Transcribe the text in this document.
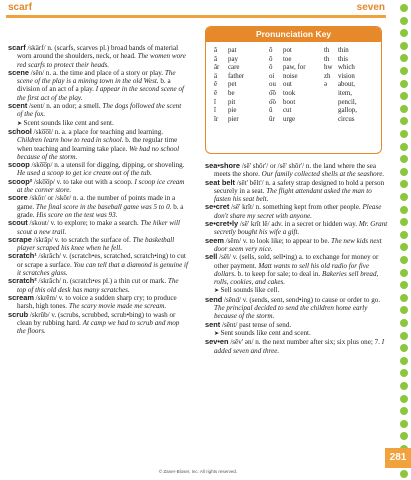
scarf	seven
scarf /skärf/ n. (scarfs, scarves pl.) broad bands of material worn around the shoulders, neck, or head. The women wore red scarfs to protect their heads.
scene /sēn/ n. a. the time and place of a story or play. The scene of the play is a mining town in the old West. b. a division of an act of a play. I appear in the second scene of the first act of the play.
scent /sent/ n. an odor; a smell. The dogs followed the scent of the fox.
➤ Scent sounds like cent and sent.
school /sko̅o̅l/ n. a. a place for teaching and learning. Children learn how to read in school. b. the regular time when teaching and learning take place. We had no school because of the storm.
scoop /sko̅o̅p/ n. a utensil for digging, dipping, or shoveling. He used a scoop to get ice cream out of the tub.
scoop² /sko̅o̅p/ v. to take out with a scoop. I scoop ice cream at the corner store.
score /skôr/ or /skōr/ n. a. the number of points made in a game. The final score in the baseball game was 5 to 0. b. a grade. His score on the test was 93.
scout /skout/ v. to explore; to make a search. The hiker will scout a new trail.
scrape /skrāp/ v. to scratch the surface of. The basketball player scraped his knee when he fell.
scratch¹ /skrăch/ v. (scratch•es, scratched, scratch•ing) to cut or scrape a surface. You can tell that a diamond is genuine if it scratches glass.
scratch² /skrăch/ n. (scratch•es pl.) a thin cut or mark. The top of this old desk has many scratches.
scream /skrēm/ v. to voice a sudden sharp cry; to produce harsh, high tones. The scary movie made me scream.
scrub /skrŭb/ v. (scrubs, scrubbed, scrub•bing) to wash or clean by rubbing hard. At camp we had to scrub and mop the floors.
Pronunciation Key
ă pat	ŏ pot	th thin
ā pay	ō toe	th this
âr care	ô paw, for	hw which
ä father	oi noise	zh vision
ĕ pet	ou out	ə about,
ē be	o͝o took	item,
ĭ pit	o͞o boot	pencil,
ī pie	ŭ cut	gallop,
îr pier	ûr urge	circus
sea•shore /sē' shôr'/ or /sē' shōr'/ n. the land where the sea meets the shore. Our family collected shells at the seashore.
seat belt /sēt' bĕlt'/ n. a safety strap designed to hold a person securely in a seat. The flight attendant asked the man to fasten his seat belt.
se•cret /sē' krĭt/ n. something kept from other people. Please don't share my secret with anyone.
se•cret•ly /sē' krĭt lē/ adv. in a secret or hidden way. Mr. Grant secretly bought his wife a gift.
seem /sēm/ v. to look like; to appear to be. The new kids next door seem very nice.
sell /sĕl/ v. (sells, sold, sell•ing) a. to exchange for money or other payment. Matt wants to sell his old radio for five dollars. b. to keep for sale; to deal in. Bakeries sell bread, rolls, cookies, and cakes.
➤ Sell sounds like cell.
send /sĕnd/ v. (sends, sent, send•ing) to cause or order to go. The principal decided to send the children home early because of the storm.
sent /sĕnt/ past tense of send.
➤ Sent sounds like cent and scent.
sev•en /sĕv' ən/ n. the next number after six; six plus one; 7. I added seven and three.
281
© Zaner-Bloser, Inc. All rights reserved.
